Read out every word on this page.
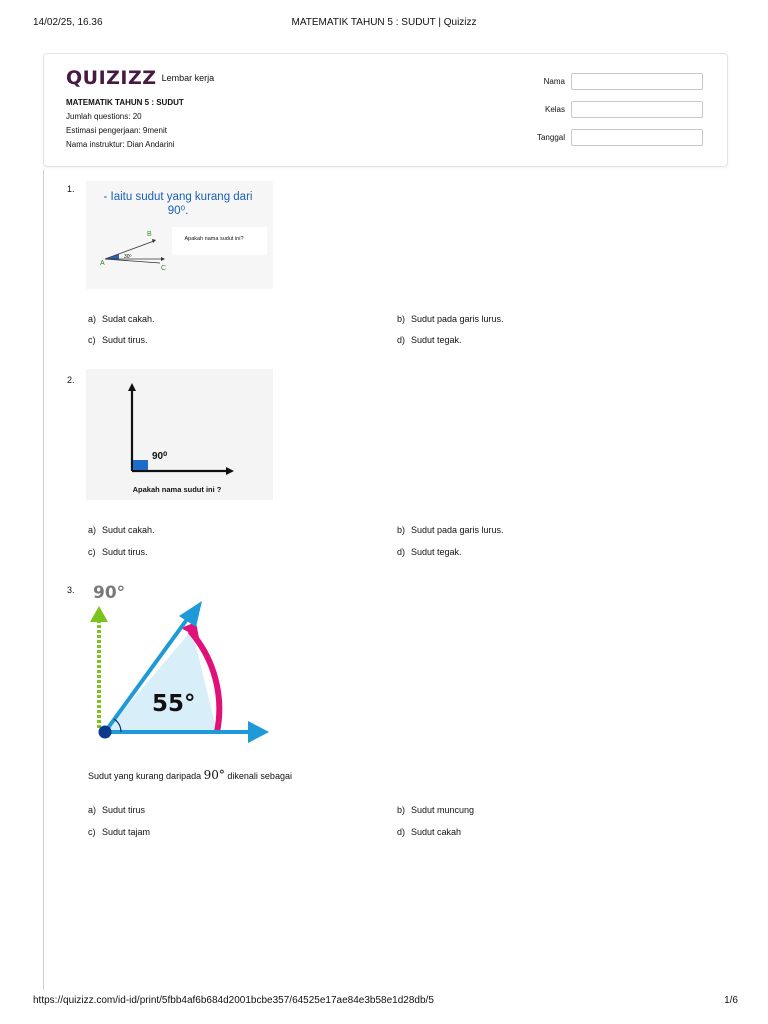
14/02/25, 16.36	MATEMATIK TAHUN 5 : SUDUT | Quizizz
QUIZIZZ Lembar kerja
MATEMATIK TAHUN 5 : SUDUT
Jumlah questions: 20
Estimasi pengerjaan: 9menit
Nama instruktur: Dian Andarini
Nama
Kelas
Tanggal
1.
- Iaitu sudut yang kurang dari
90⁰.
Apakah nama sudut ini?
30⁰
A
B
C
a) Sudat cakah.	b) Sudut pada garis lurus.
c) Sudut tirus.	d) Sudut tegak.
2.
90⁰
Apakah nama sudut ini ?
a) Sudut cakah.	b) Sudut pada garis lurus.
c) Sudut tirus.	d) Sudut tegak.
3. 90°
55°
Sudut yang kurang daripada 90° dikenali sebagai
a) Sudut tirus	b) Sudut muncung
c) Sudut tajam	d) Sudut cakah
https://quizizz.com/id-id/print/5fbb4af6b684d2001bcbe357/64525e17ae84e3b58e1d28db/5	1/6
